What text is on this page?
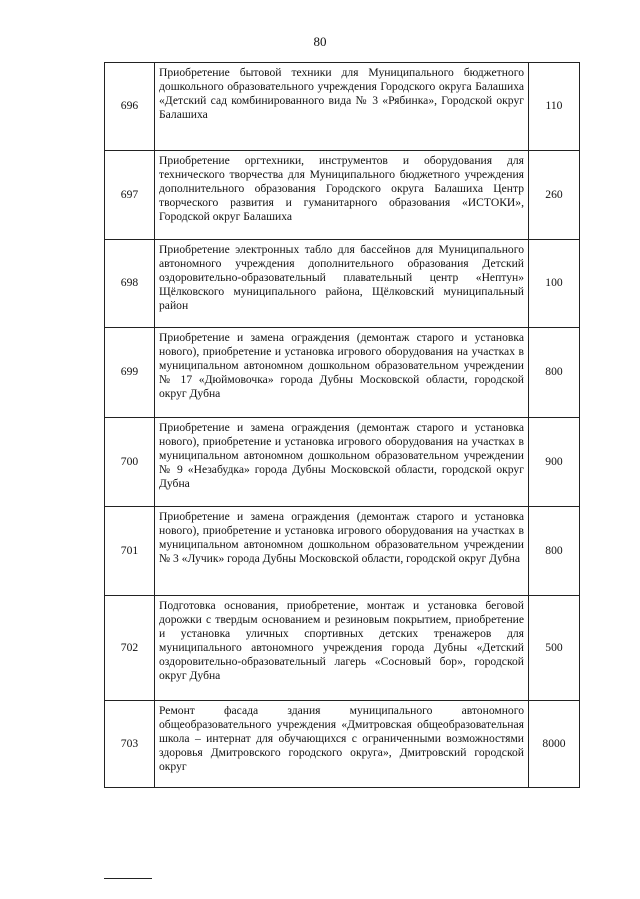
80
696	Приобретение бытовой техники для Муниципального бюджетного дошкольного образовательного учреждения Городского округа Балашиха «Детский сад комбинированного вида № 3 «Рябинка», Городской округ Балашиха	110
697	Приобретение оргтехники, инструментов и оборудования для технического творчества для Муниципального бюджетного учреждения дополнительного образования Городского округа Балашиха Центр творческого развития и гуманитарного образования «ИСТОКИ», Городской округ Балашиха	260
698	Приобретение электронных табло для бассейнов для Муниципального автономного учреждения дополнительного образования Детский оздоровительно-образовательный плавательный центр «Нептун» Щёлковского муниципального района, Щёлковский муниципальный район	100
699	Приобретение и замена ограждения (демонтаж старого и установка нового), приобретение и установка игрового оборудования на участках в муниципальном автономном дошкольном образовательном учреждении № 17 «Дюймовочка» города Дубны Московской области, городской округ Дубна	800
700	Приобретение и замена ограждения (демонтаж старого и установка нового), приобретение и установка игрового оборудования на участках в муниципальном автономном дошкольном образовательном учреждении № 9 «Незабудка» города Дубны Московской области, городской округ Дубна	900
701	Приобретение и замена ограждения (демонтаж старого и установка нового), приобретение и установка игрового оборудования на участках в муниципальном автономном дошкольном образовательном учреждении № 3 «Лучик» города Дубны Московской области, городской округ Дубна	800
702	Подготовка основания, приобретение, монтаж и установка беговой дорожки с твердым основанием и резиновым покрытием, приобретение и установка уличных спортивных детских тренажеров для муниципального автономного учреждения города Дубны «Детский оздоровительно-образовательный лагерь «Сосновый бор», городской округ Дубна	500
703	Ремонт фасада здания муниципального автономного общеобразовательного учреждения «Дмитровская общеобразовательная школа – интернат для обучающихся с ограниченными возможностями здоровья Дмитровского городского округа», Дмитровский городской округ	8000
